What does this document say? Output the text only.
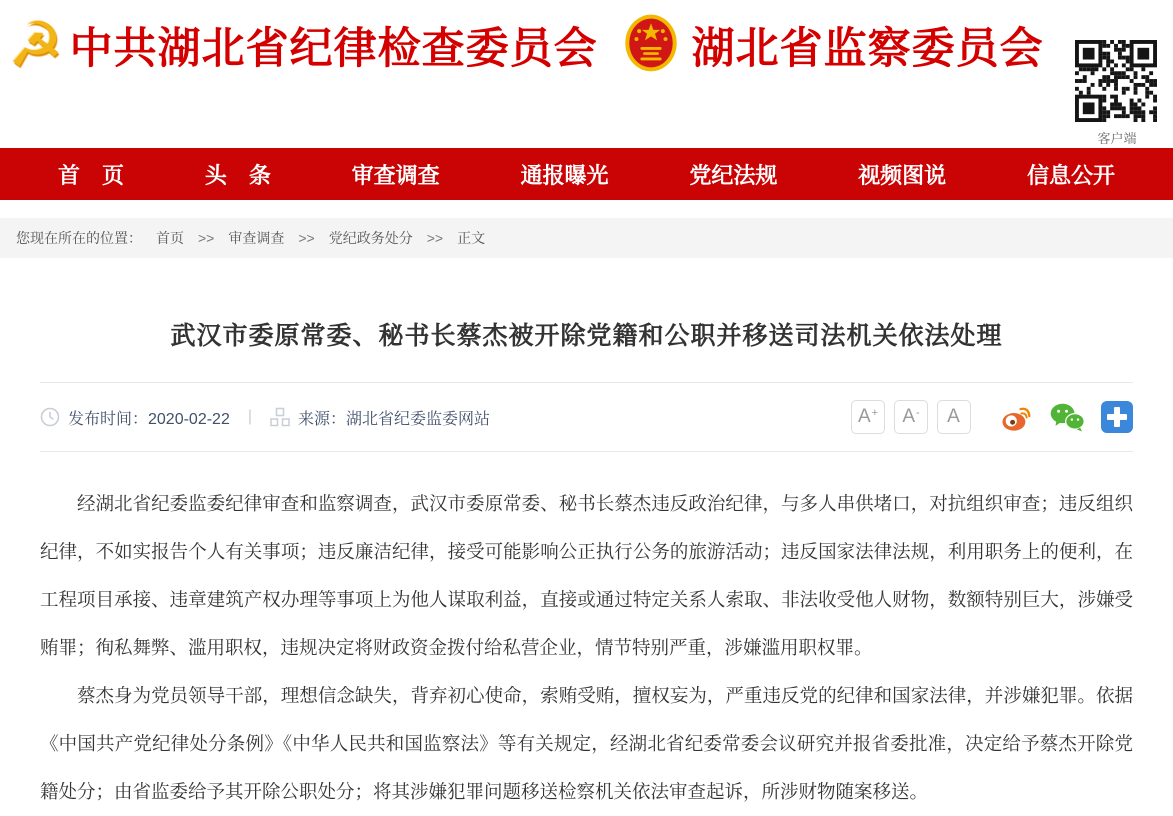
☭ 中共湖北省纪律检查委员会 湖北省监察委员会
客户端
首　页	头　条	审查调查	通报曝光	党纪法规	视频图说	信息公开
您现在所在的位置： 首页 >> 审查调查 >> 党纪政务处分 >> 正文
武汉市委原常委、秘书长蔡杰被开除党籍和公职并移送司法机关依法处理
发布时间：2020-02-22 |	来源：湖北省纪委监委网站	A+ A- A

经湖北省纪委监委纪律审查和监察调查，武汉市委原常委、秘书长蔡杰违反政治纪律，与多人串供堵口，对抗组织审查；违反组织纪律，不如实报告个人有关事项；违反廉洁纪律，接受可能影响公正执行公务的旅游活动；违反国家法律法规，利用职务上的便利，在工程项目承接、违章建筑产权办理等事项上为他人谋取利益，直接或通过特定关系人索取、非法收受他人财物，数额特别巨大，涉嫌受贿罪；徇私舞弊、滥用职权，违规决定将财政资金拨付给私营企业，情节特别严重，涉嫌滥用职权罪。

蔡杰身为党员领导干部，理想信念缺失，背弃初心使命，索贿受贿，擅权妄为，严重违反党的纪律和国家法律，并涉嫌犯罪。依据《中国共产党纪律处分条例》《中华人民共和国监察法》等有关规定，经湖北省纪委常委会议研究并报省委批准，决定给予蔡杰开除党籍处分；由省监委给予其开除公职处分；将其涉嫌犯罪问题移送检察机关依法审查起诉，所涉财物随案移送。
